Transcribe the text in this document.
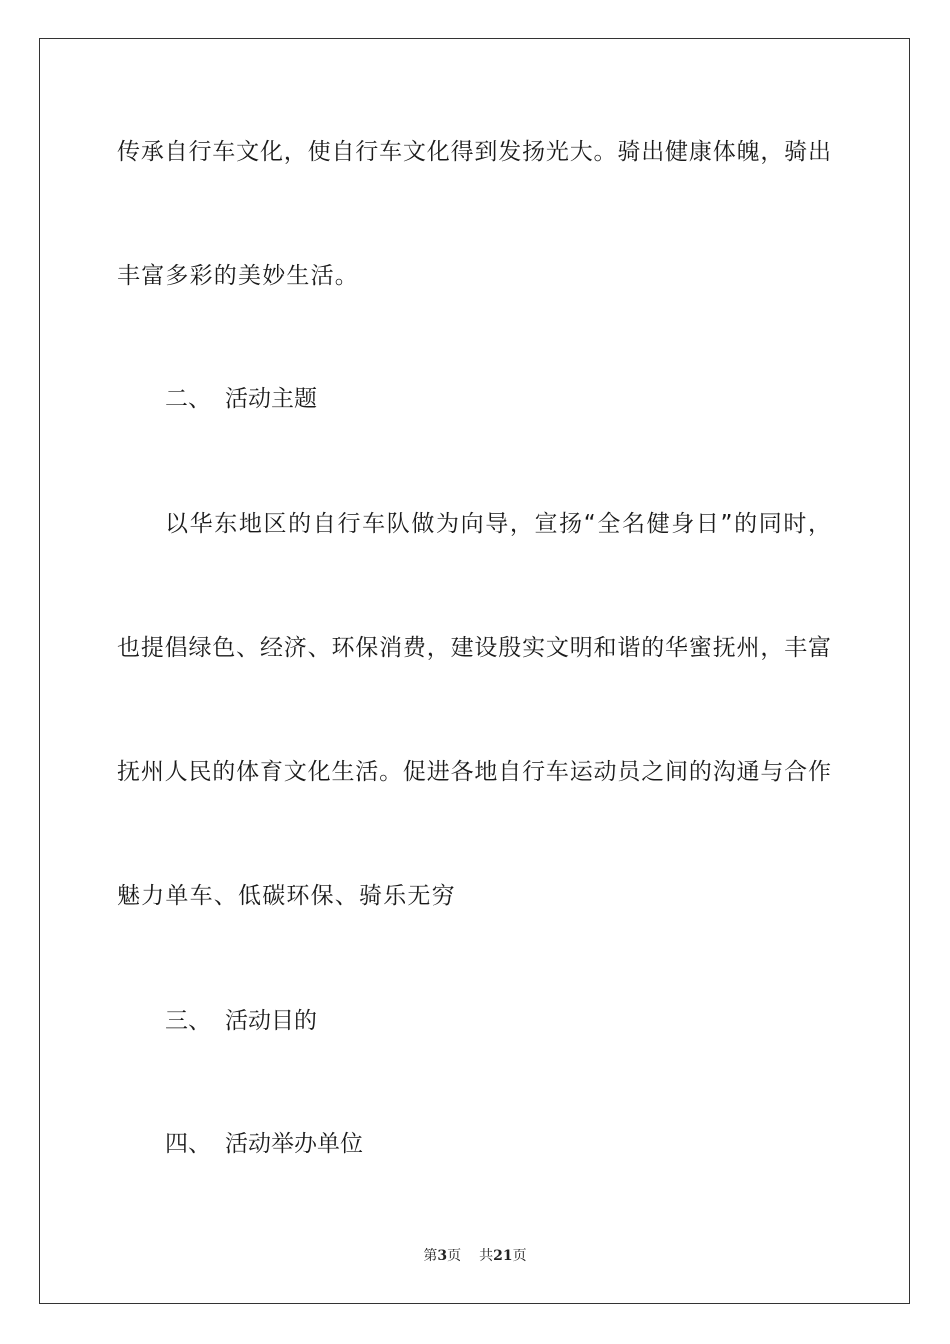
传承自行车文化，使自行车文化得到发扬光大。骑出健康体魄，骑出
丰富多彩的美妙生活。
二、 活动主题
以华东地区的自行车队做为向导，宣扬“全名健身日”的同时，
也提倡绿色、经济、环保消费，建设殷实文明和谐的华蜜抚州，丰富
抚州人民的体育文化生活。促进各地自行车运动员之间的沟通与合作
魅力单车、低碳环保、骑乐无穷
三、 活动目的
四、 活动举办单位
第3页 共21页
